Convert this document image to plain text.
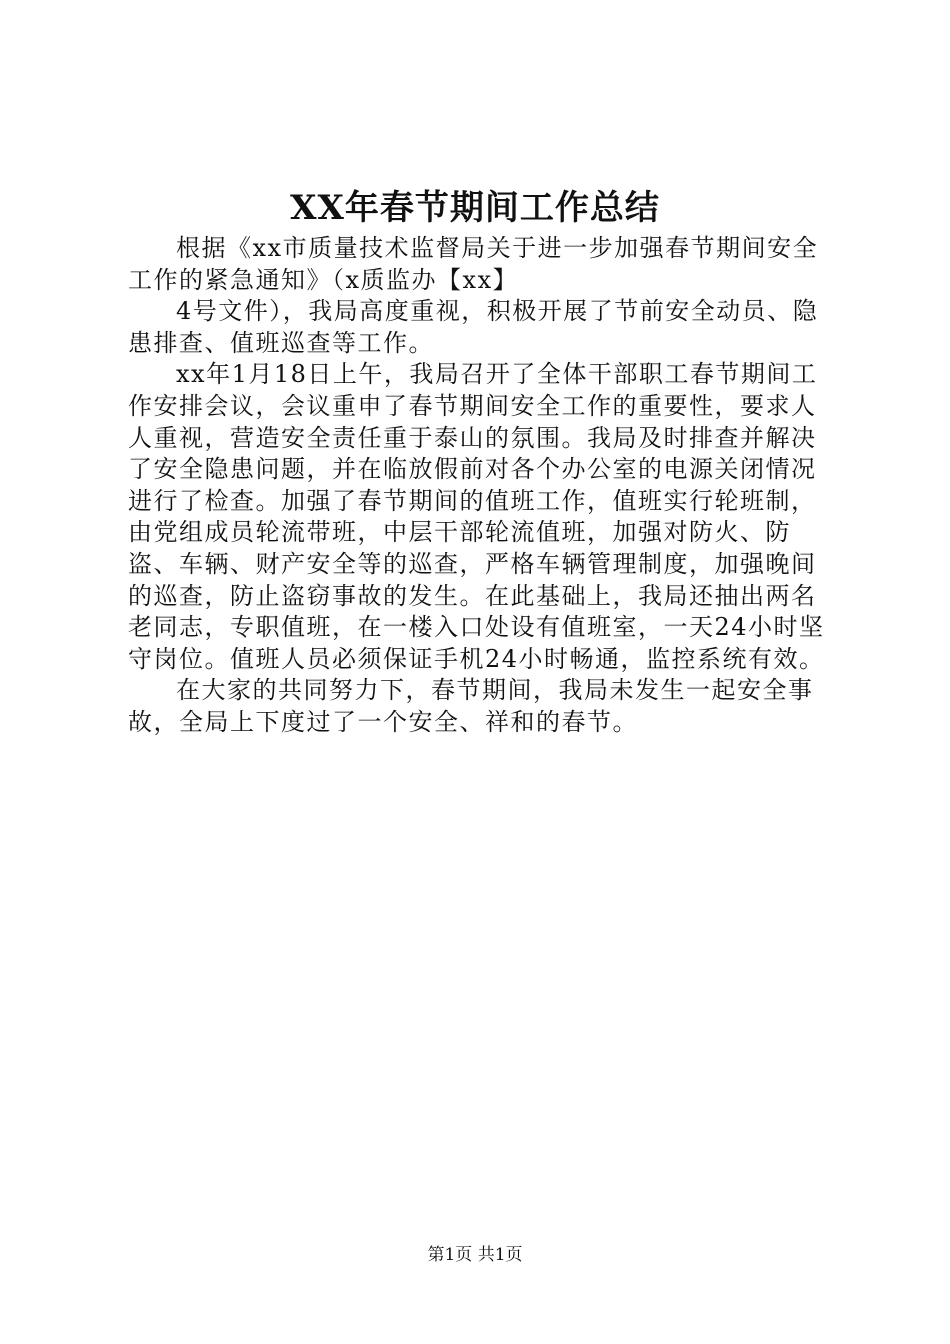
XX年春节期间工作总结

根据《xx市质量技术监督局关于进一步加强春节期间安全工作的紧急通知》（x质监办【xx】

4号文件），我局高度重视，积极开展了节前安全动员、隐患排查、值班巡查等工作。

xx年1月18日上午，我局召开了全体干部职工春节期间工作安排会议，会议重申了春节期间安全工作的重要性，要求人人重视，营造安全责任重于泰山的氛围。我局及时排查并解决了安全隐患问题，并在临放假前对各个办公室的电源关闭情况进行了检查。加强了春节期间的值班工作，值班实行轮班制，由党组成员轮流带班，中层干部轮流值班，加强对防火、防盗、车辆、财产安全等的巡查，严格车辆管理制度，加强晚间的巡查，防止盗窃事故的发生。在此基础上，我局还抽出两名老同志，专职值班，在一楼入口处设有值班室，一天24小时坚守岗位。值班人员必须保证手机24小时畅通，监控系统有效。

在大家的共同努力下，春节期间，我局未发生一起安全事故，全局上下度过了一个安全、祥和的春节。

第1页 共1页
